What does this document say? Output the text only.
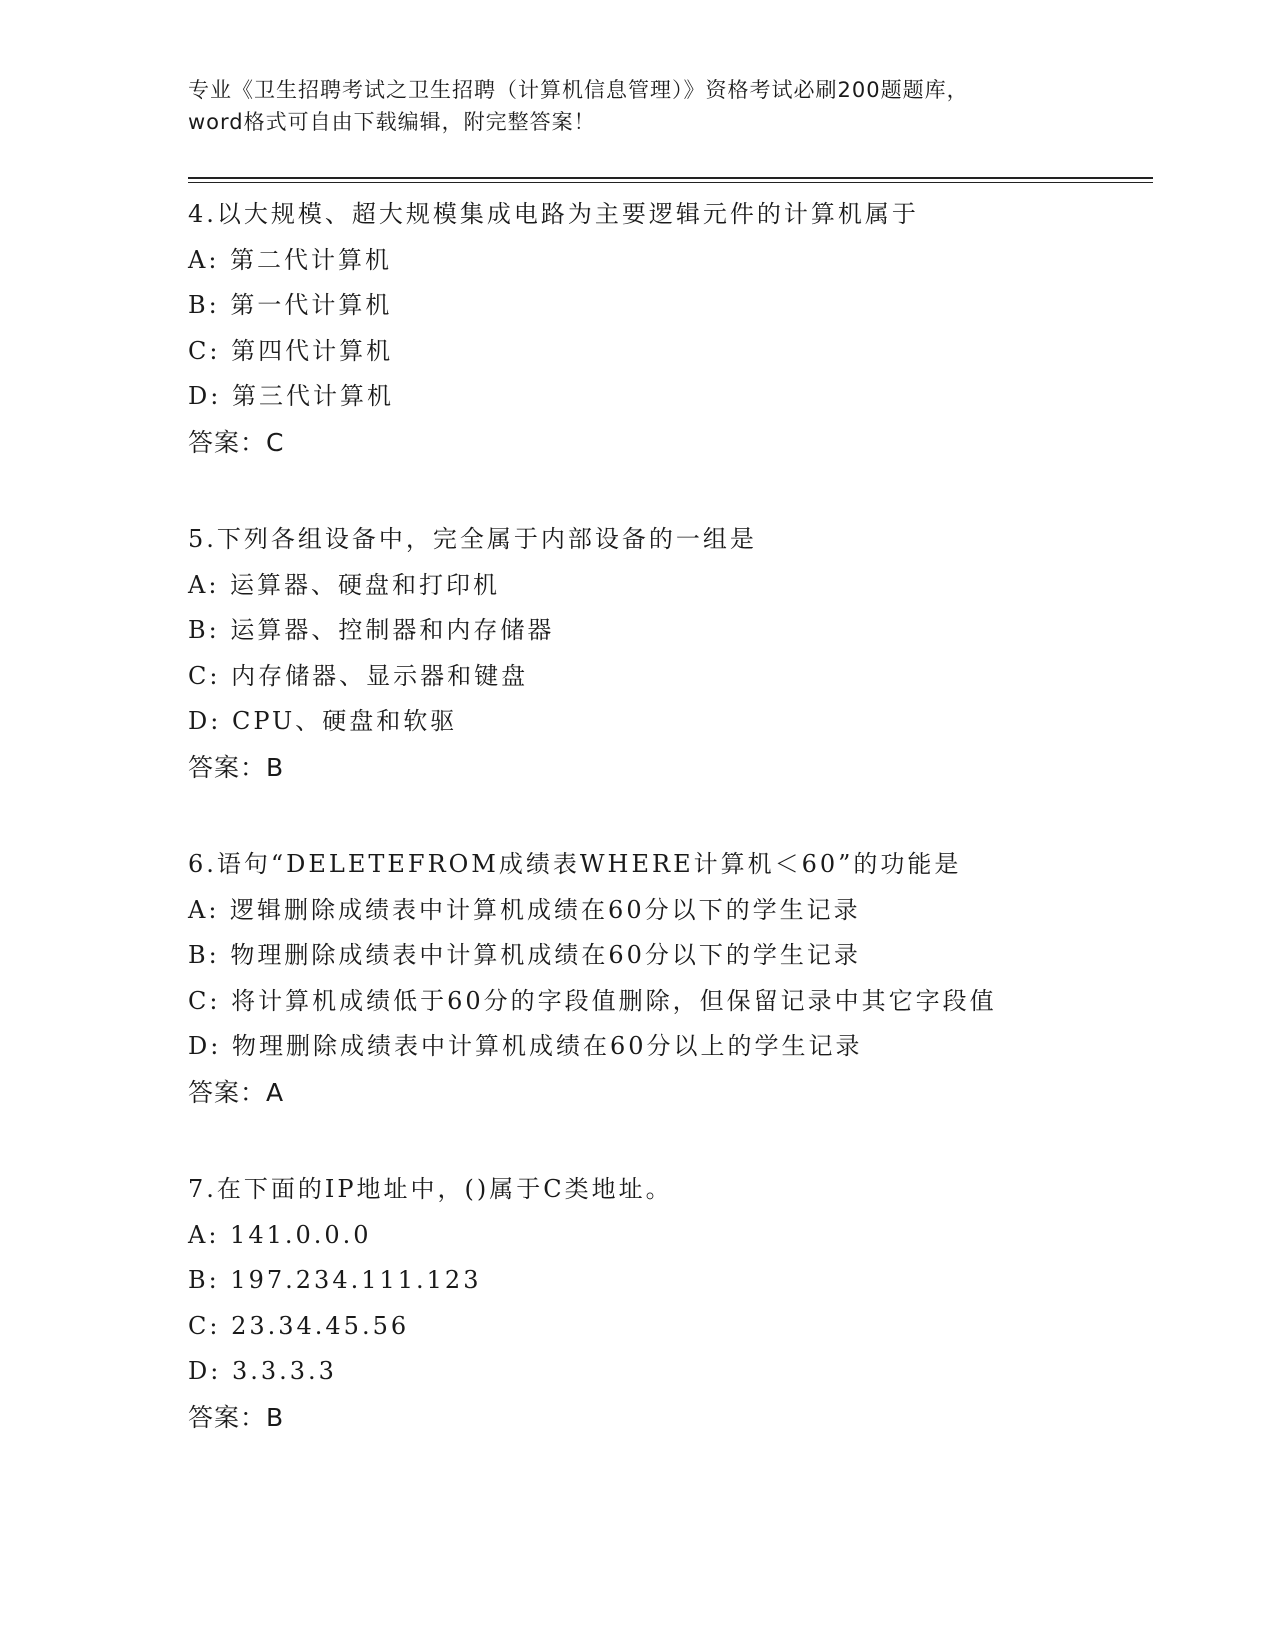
专业《卫生招聘考试之卫生招聘（计算机信息管理）》资格考试必刷200题题库，
word格式可自由下载编辑，附完整答案！
4.以大规模、超大规模集成电路为主要逻辑元件的计算机属于
A: 第二代计算机
B: 第一代计算机
C: 第四代计算机
D: 第三代计算机
答案：C
5.下列各组设备中，完全属于内部设备的一组是
A: 运算器、硬盘和打印机
B: 运算器、控制器和内存储器
C: 内存储器、显示器和键盘
D: CPU、硬盘和软驱
答案：B
6.语句“DELETEFROM成绩表WHERE计算机＜60”的功能是
A: 逻辑删除成绩表中计算机成绩在60分以下的学生记录
B: 物理删除成绩表中计算机成绩在60分以下的学生记录
C: 将计算机成绩低于60分的字段值删除，但保留记录中其它字段值
D: 物理删除成绩表中计算机成绩在60分以上的学生记录
答案：A
7.在下面的IP地址中，()属于C类地址。
A: 141.0.0.0
B: 197.234.111.123
C: 23.34.45.56
D: 3.3.3.3
答案：B
